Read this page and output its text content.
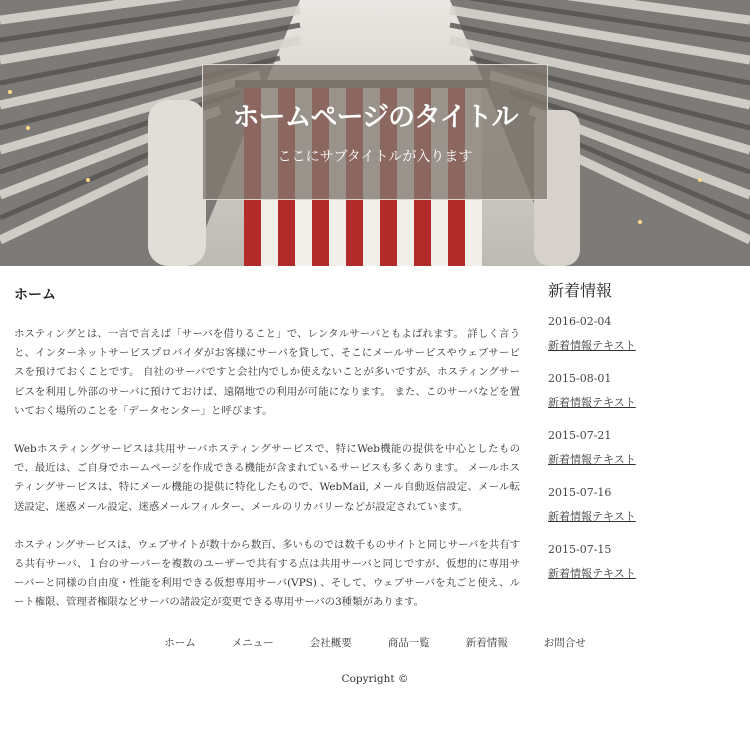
ホームページのタイトル
ここにサブタイトルが入ります
ホーム

ホスティングとは、一言で言えば「サーバを借りること」で、レンタルサーバともよばれます。 詳しく言うと、インターネットサービスプロバイダがお客様にサーバを貸して、そこにメールサービスやウェブサービスを預けておくことです。 自社のサーバですと会社内でしか使えないことが多いですが、ホスティングサービスを利用し外部のサーバに預けておけば、遠隔地での利用が可能になります。 また、このサーバなどを置いておく場所のことを「データセンター」と呼びます。

Webホスティングサービスは共用サーバホスティングサービスで、特にWeb機能の提供を中心としたもので、最近は、ご自身でホームページを作成できる機能が含まれているサービスも多くあります。 メールホスティングサービスは、特にメール機能の提供に特化したもので、WebMail, メール自動返信設定、メール転送設定、迷惑メール設定、迷惑メールフィルター、メールのリカバリーなどが設定されています。

ホスティングサービスは、ウェブサイトが数十から数百、多いものでは数千ものサイトと同じサーバを共有する共有サーバ、１台のサーバーを複数のユーザーで共有する点は共用サーバと同じですが、仮想的に専用サーバーと同様の自由度・性能を利用できる仮想専用サーバ(VPS) 、そして、ウェブサーバを丸ごと使え、ルート権限、管理者権限などサーバの諸設定が変更できる専用サーバの3種類があります。

新着情報
2016-02-04
新着情報テキスト
2015-08-01
新着情報テキスト
2015-07-21
新着情報テキスト
2015-07-16
新着情報テキスト
2015-07-15
新着情報テキスト
ホーム	メニュー	会社概要	商品一覧	新着情報	お問合せ
Copyright ©
